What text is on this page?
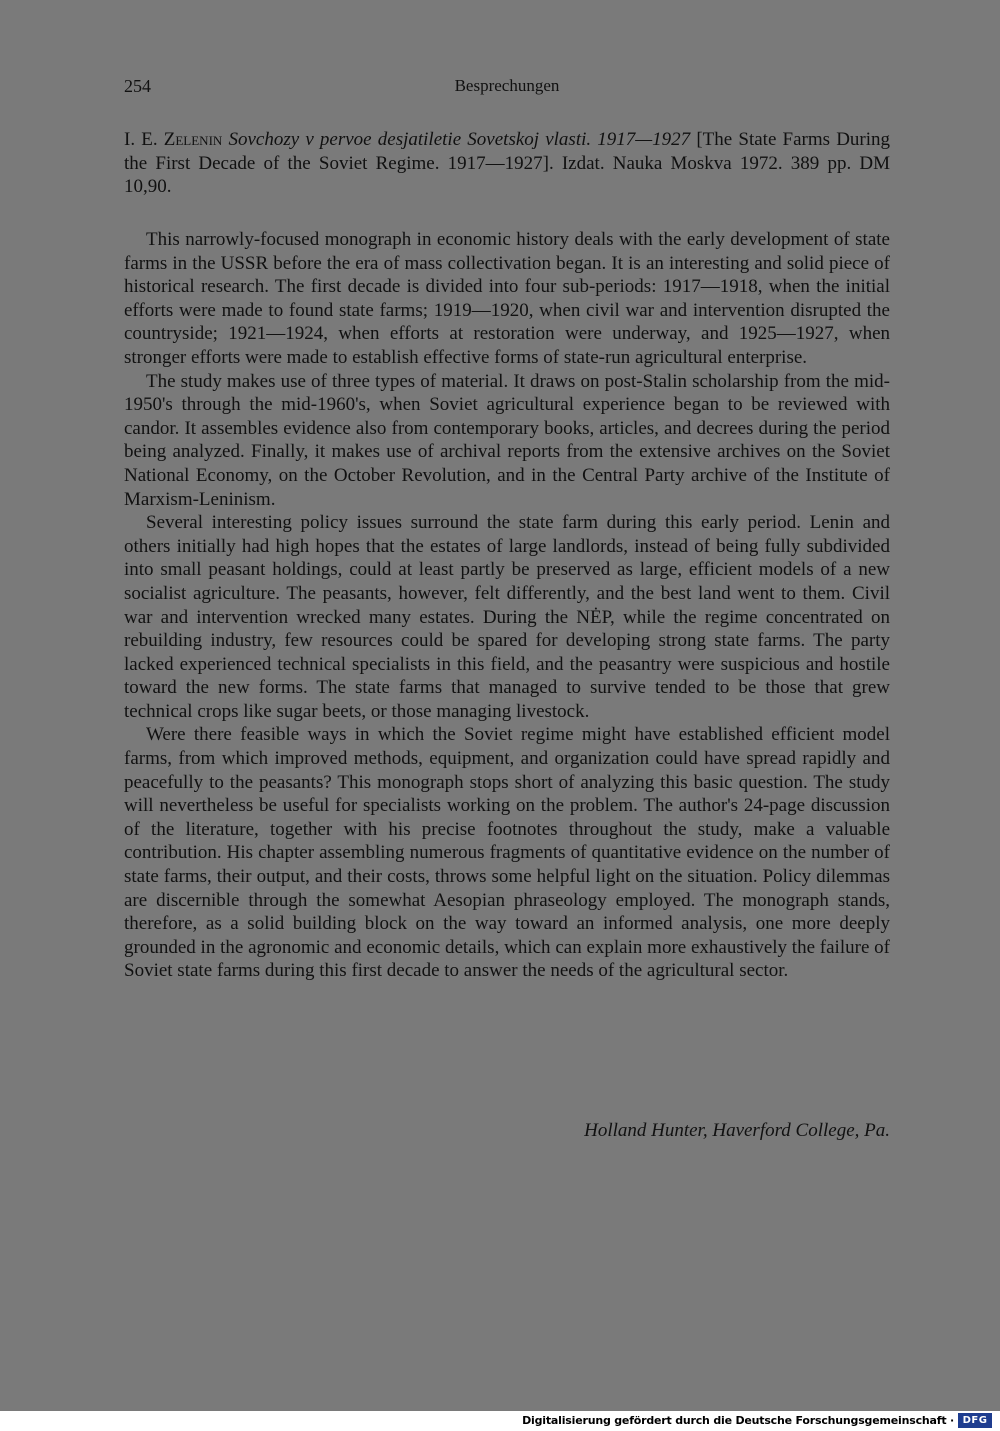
254	Besprechungen
I. E. Zelenin Sovchozy v pervoe desjatiletie Sovetskoj vlasti. 1917—1927 [The State Farms During the First Decade of the Soviet Regime. 1917—1927]. Izdat. Nauka Moskva 1972. 389 pp. DM 10,90.

This narrowly-focused monograph in economic history deals with the early development of state farms in the USSR before the era of mass collectivation began. It is an interesting and solid piece of historical research. The first decade is divided into four sub-periods: 1917—1918, when the initial efforts were made to found state farms; 1919—1920, when civil war and intervention disrupted the countryside; 1921—1924, when efforts at restoration were underway, and 1925—1927, when stronger efforts were made to establish effective forms of state-run agricultural enterprise.

The study makes use of three types of material. It draws on post-Stalin scholarship from the mid-1950's through the mid-1960's, when Soviet agricultural experience began to be reviewed with candor. It assembles evidence also from contemporary books, articles, and decrees during the period being analyzed. Finally, it makes use of archival reports from the extensive archives on the Soviet National Economy, on the October Revolution, and in the Central Party archive of the Institute of Marxism-Leninism.

Several interesting policy issues surround the state farm during this early period. Lenin and others initially had high hopes that the estates of large landlords, instead of being fully subdivided into small peasant holdings, could at least partly be preserved as large, efficient models of a new socialist agriculture. The peasants, however, felt differently, and the best land went to them. Civil war and intervention wrecked many estates. During the NĖP, while the regime concentrated on rebuilding industry, few resources could be spared for developing strong state farms. The party lacked experienced technical specialists in this field, and the peasantry were suspicious and hostile toward the new forms. The state farms that managed to survive tended to be those that grew technical crops like sugar beets, or those managing livestock.

Were there feasible ways in which the Soviet regime might have established efficient model farms, from which improved methods, equipment, and organization could have spread rapidly and peacefully to the peasants? This monograph stops short of analyzing this basic question. The study will nevertheless be useful for specialists working on the problem. The author's 24-page discussion of the literature, together with his precise footnotes throughout the study, make a valuable contribution. His chapter assembling numerous fragments of quantitative evidence on the number of state farms, their output, and their costs, throws some helpful light on the situation. Policy dilemmas are discernible through the somewhat Aesopian phraseology employed. The monograph stands, therefore, as a solid building block on the way toward an informed analysis, one more deeply grounded in the agronomic and economic details, which can explain more exhaustively the failure of Soviet state farms during this first decade to answer the needs of the agricultural sector.

Holland Hunter, Haverford College, Pa.
Digitalisierung gefördert durch die Deutsche Forschungsgemeinschaft · DFG
